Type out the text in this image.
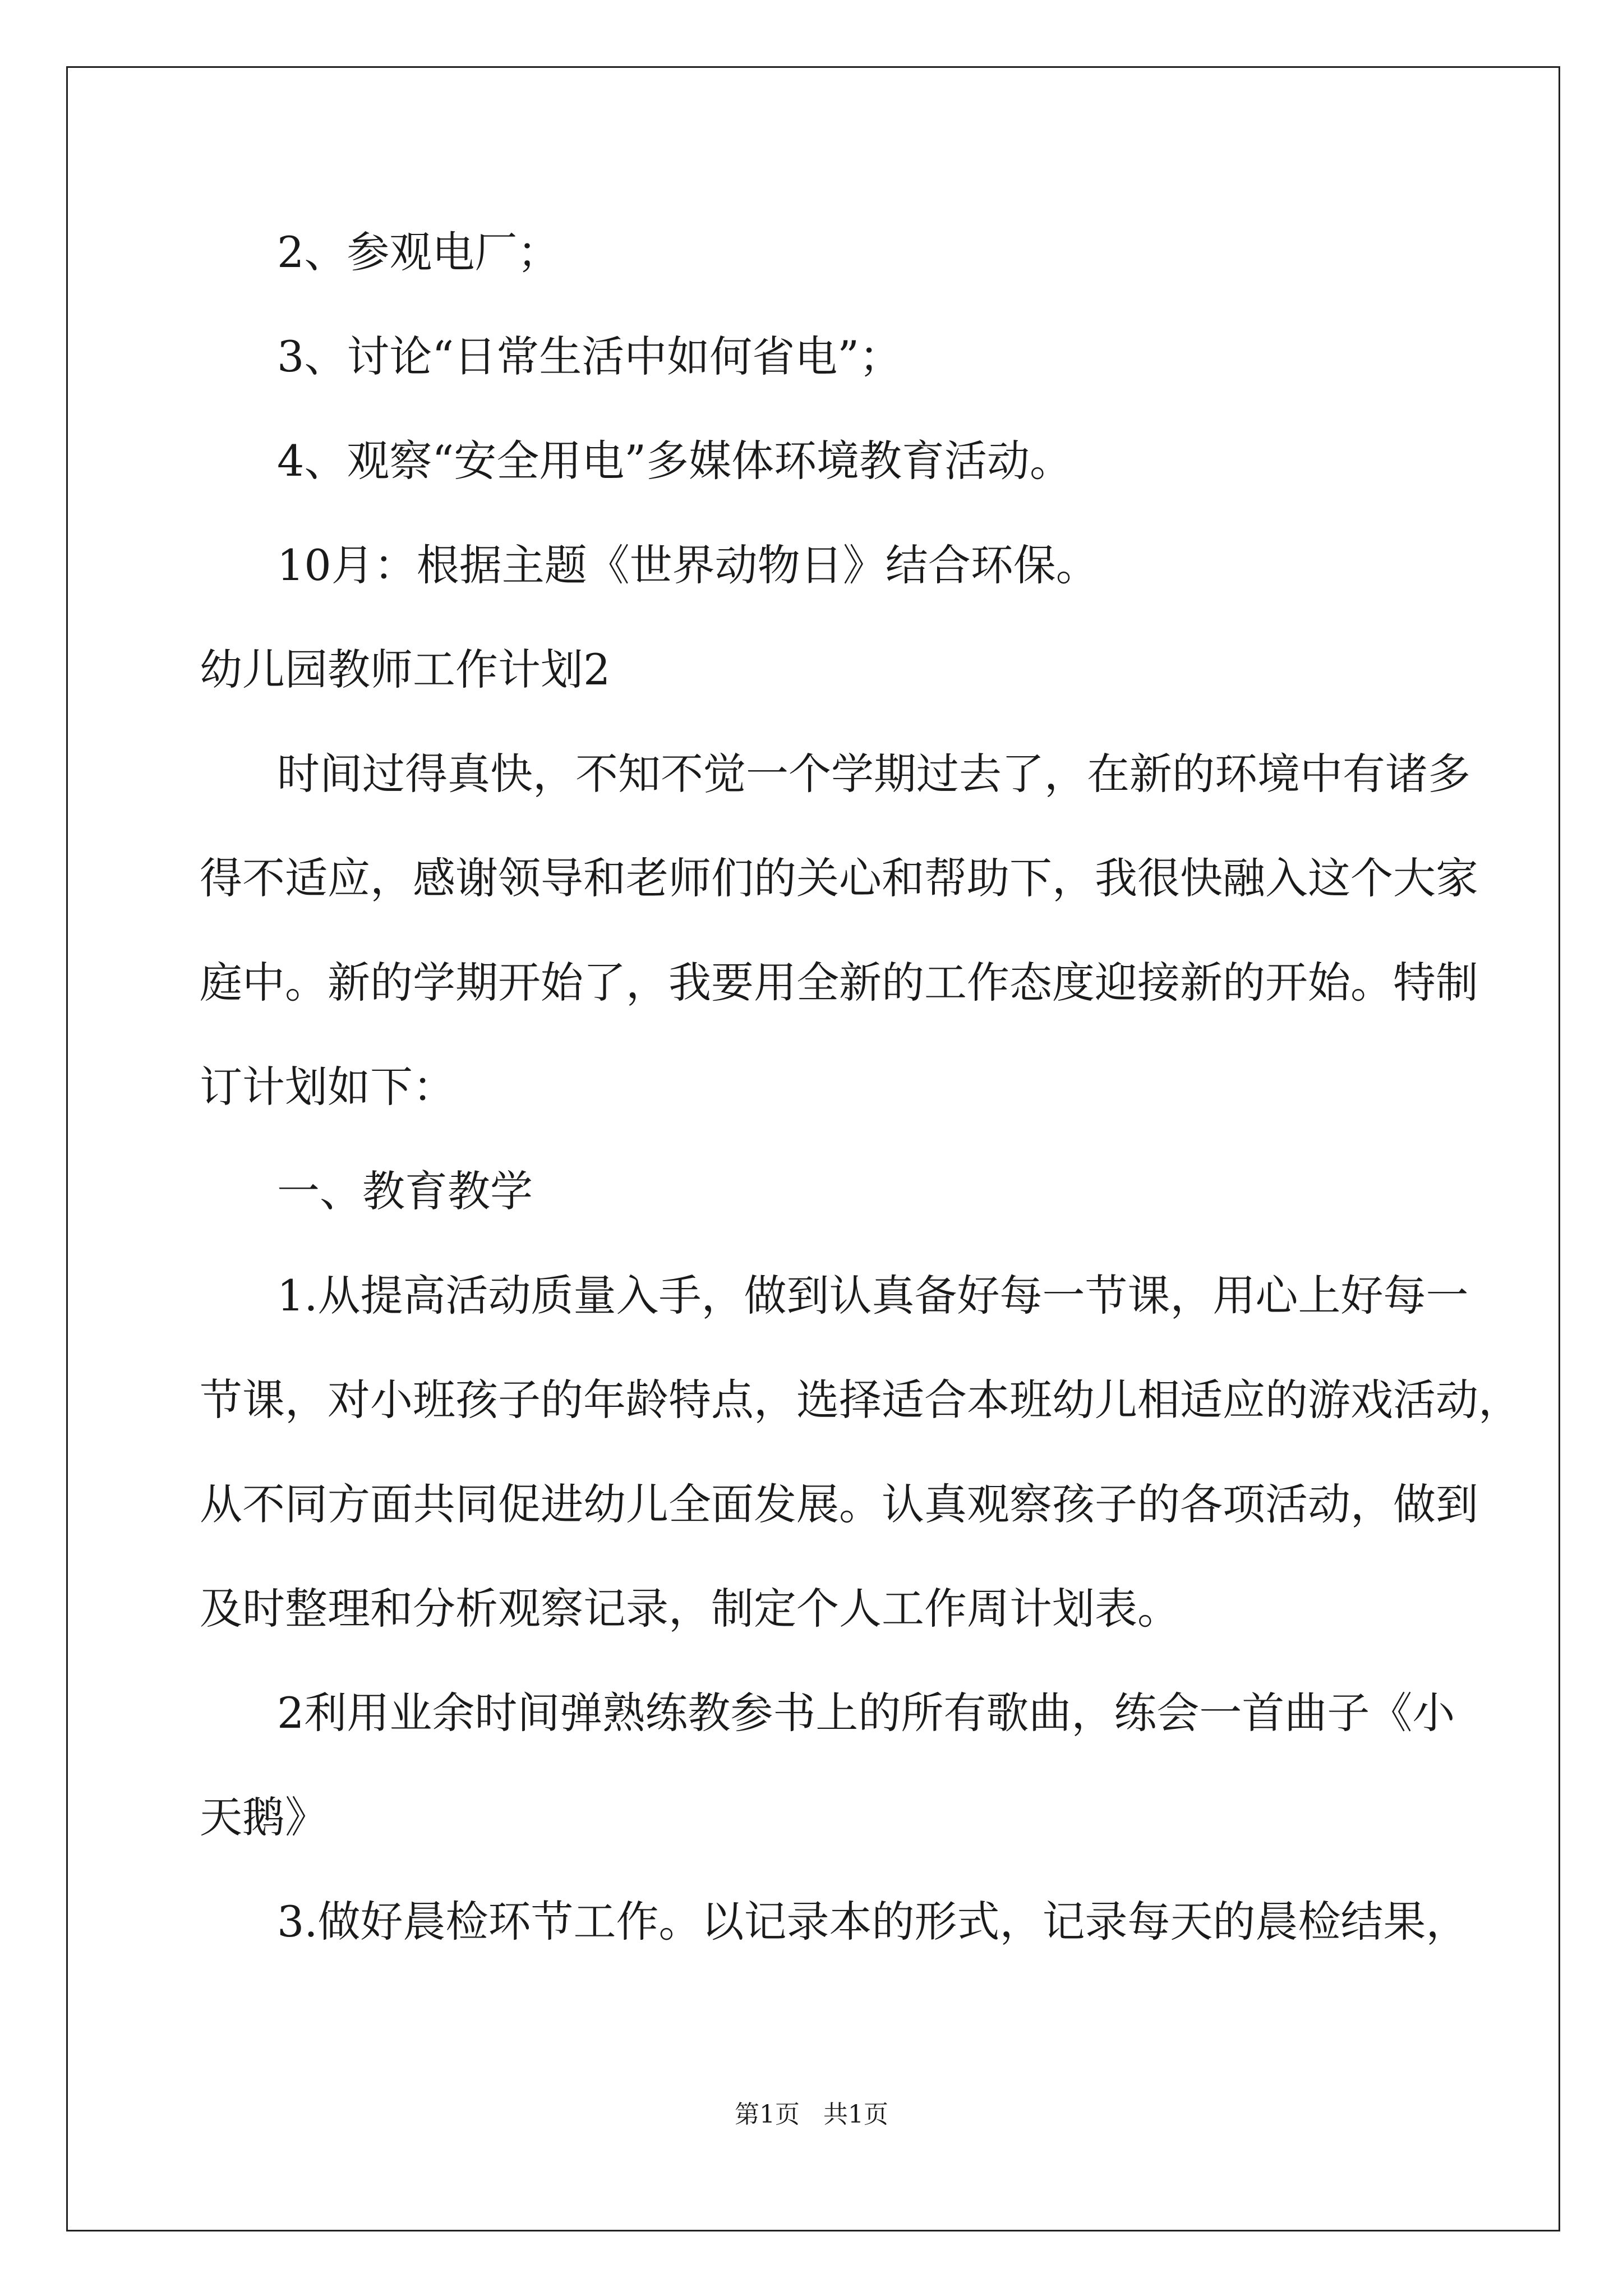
2、参观电厂；
3、讨论“日常生活中如何省电”；
4、观察“安全用电”多媒体环境教育活动。
10月：根据主题《世界动物日》结合环保。
幼儿园教师工作计划2
时间过得真快，不知不觉一个学期过去了，在新的环境中有诸多
得不适应，感谢领导和老师们的关心和帮助下，我很快融入这个大家
庭中。新的学期开始了，我要用全新的工作态度迎接新的开始。特制
订计划如下：
一、教育教学
1.从提高活动质量入手，做到认真备好每一节课，用心上好每一
节课，对小班孩子的年龄特点，选择适合本班幼儿相适应的游戏活动，
从不同方面共同促进幼儿全面发展。认真观察孩子的各项活动，做到
及时整理和分析观察记录，制定个人工作周计划表。
2利用业余时间弹熟练教参书上的所有歌曲，练会一首曲子《小
天鹅》
3.做好晨检环节工作。以记录本的形式，记录每天的晨检结果，
第1页   共1页
